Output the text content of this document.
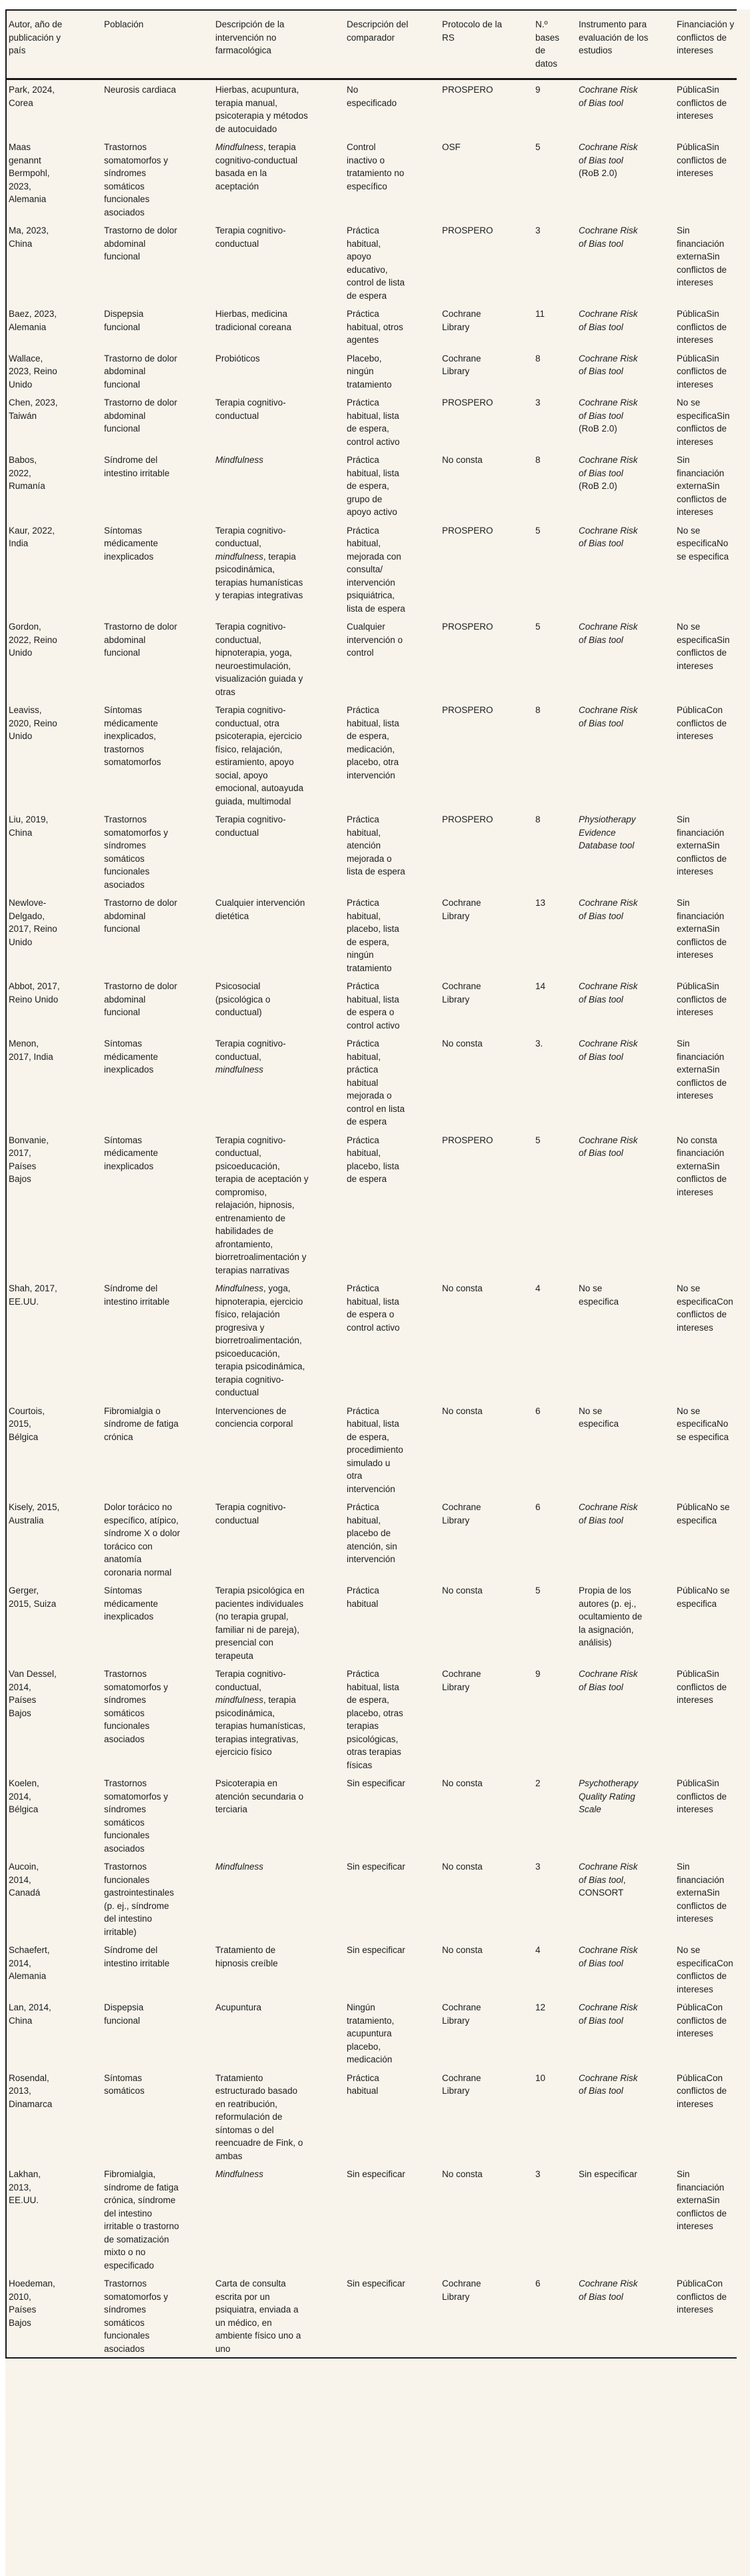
Autor, año de publicación y país	Población	Descripción de la intervención no farmacológica	Descripción del comparador	Protocolo de la RS	N.º bases de datos	Instrumento para evaluación de los estudios	Financiación y conflictos de intereses
Park, 2024, Corea	Neurosis cardiaca	Hierbas, acupuntura, terapia manual, psicoterapia y métodos de autocuidado	No especificado	PROSPERO	9	Cochrane Risk of Bias tool	PúblicaSin conflictos de intereses
Maas genannt Bermpohl, 2023, Alemania	Trastornos somatomorfos y síndromes somáticos funcionales asociados	Mindfulness, terapia cognitivo-conductual basada en la aceptación	Control inactivo o tratamiento no específico	OSF	5	Cochrane Risk of Bias tool (RoB 2.0)	PúblicaSin conflictos de intereses
Ma, 2023, China	Trastorno de dolor abdominal funcional	Terapia cognitivo-conductual	Práctica habitual, apoyo educativo, control de lista de espera	PROSPERO	3	Cochrane Risk of Bias tool	Sin financiación externaSin conflictos de intereses
Baez, 2023, Alemania	Dispepsia funcional	Hierbas, medicina tradicional coreana	Práctica habitual, otros agentes	Cochrane Library	11	Cochrane Risk of Bias tool	PúblicaSin conflictos de intereses
Wallace, 2023, Reino Unido	Trastorno de dolor abdominal funcional	Probióticos	Placebo, ningún tratamiento	Cochrane Library	8	Cochrane Risk of Bias tool	PúblicaSin conflictos de intereses
Chen, 2023, Taiwán	Trastorno de dolor abdominal funcional	Terapia cognitivo-conductual	Práctica habitual, lista de espera, control activo	PROSPERO	3	Cochrane Risk of Bias tool (RoB 2.0)	No se especificaSin conflictos de intereses
Babos, 2022, Rumanía	Síndrome del intestino irritable	Mindfulness	Práctica habitual, lista de espera, grupo de apoyo activo	No consta	8	Cochrane Risk of Bias tool (RoB 2.0)	Sin financiación externaSin conflictos de intereses
Kaur, 2022, India	Síntomas médicamente inexplicados	Terapia cognitivo-conductual, mindfulness, terapia psicodinámica, terapias humanísticas y terapias integrativas	Práctica habitual, mejorada con consulta/ intervención psiquiátrica, lista de espera	PROSPERO	5	Cochrane Risk of Bias tool	No se especificaNo se especifica
Gordon, 2022, Reino Unido	Trastorno de dolor abdominal funcional	Terapia cognitivo-conductual, hipnoterapia, yoga, neuroestimulación, visualización guiada y otras	Cualquier intervención o control	PROSPERO	5	Cochrane Risk of Bias tool	No se especificaSin conflictos de intereses
Leaviss, 2020, Reino Unido	Síntomas médicamente inexplicados, trastornos somatomorfos	Terapia cognitivo-conductual, otra psicoterapia, ejercicio físico, relajación, estiramiento, apoyo social, apoyo emocional, autoayuda guiada, multimodal	Práctica habitual, lista de espera, medicación, placebo, otra intervención	PROSPERO	8	Cochrane Risk of Bias tool	PúblicaCon conflictos de intereses
Liu, 2019, China	Trastornos somatomorfos y síndromes somáticos funcionales asociados	Terapia cognitivo-conductual	Práctica habitual, atención mejorada o lista de espera	PROSPERO	8	Physiotherapy Evidence Database tool	Sin financiación externaSin conflictos de intereses
Newlove-Delgado, 2017, Reino Unido	Trastorno de dolor abdominal funcional	Cualquier intervención dietética	Práctica habitual, placebo, lista de espera, ningún tratamiento	Cochrane Library	13	Cochrane Risk of Bias tool	Sin financiación externaSin conflictos de intereses
Abbot, 2017, Reino Unido	Trastorno de dolor abdominal funcional	Psicosocial (psicológica o conductual)	Práctica habitual, lista de espera o control activo	Cochrane Library	14	Cochrane Risk of Bias tool	PúblicaSin conflictos de intereses
Menon, 2017, India	Síntomas médicamente inexplicados	Terapia cognitivo-conductual, mindfulness	Práctica habitual, práctica habitual mejorada o control en lista de espera	No consta	3.	Cochrane Risk of Bias tool	Sin financiación externaSin conflictos de intereses
Bonvanie, 2017, Países Bajos	Síntomas médicamente inexplicados	Terapia cognitivo-conductual, psicoeducación, terapia de aceptación y compromiso, relajación, hipnosis, entrenamiento de habilidades de afrontamiento, biorretroalimentación y terapias narrativas	Práctica habitual, placebo, lista de espera	PROSPERO	5	Cochrane Risk of Bias tool	No consta financiación externaSin conflictos de intereses
Shah, 2017, EE.UU.	Síndrome del intestino irritable	Mindfulness, yoga, hipnoterapia, ejercicio físico, relajación progresiva y biorretroalimentación, psicoeducación, terapia psicodinámica, terapia cognitivo-conductual	Práctica habitual, lista de espera o control activo	No consta	4	No se especifica	No se especificaCon conflictos de intereses
Courtois, 2015, Bélgica	Fibromialgia o síndrome de fatiga crónica	Intervenciones de conciencia corporal	Práctica habitual, lista de espera, procedimiento simulado u otra intervención	No consta	6	No se especifica	No se especificaNo se especifica
Kisely, 2015, Australia	Dolor torácico no específico, atípico, síndrome X o dolor torácico con anatomía coronaria normal	Terapia cognitivo-conductual	Práctica habitual, placebo de atención, sin intervención	Cochrane Library	6	Cochrane Risk of Bias tool	PúblicaNo se especifica
Gerger, 2015, Suiza	Síntomas médicamente inexplicados	Terapia psicológica en pacientes individuales (no terapia grupal, familiar ni de pareja), presencial con terapeuta	Práctica habitual	No consta	5	Propia de los autores (p. ej., ocultamiento de la asignación, análisis)	PúblicaNo se especifica
Van Dessel, 2014, Países Bajos	Trastornos somatomorfos y síndromes somáticos funcionales asociados	Terapia cognitivo-conductual, mindfulness, terapia psicodinámica, terapias humanísticas, terapias integrativas, ejercicio físico	Práctica habitual, lista de espera, placebo, otras terapias psicológicas, otras terapias físicas	Cochrane Library	9	Cochrane Risk of Bias tool	PúblicaSin conflictos de intereses
Koelen, 2014, Bélgica	Trastornos somatomorfos y síndromes somáticos funcionales asociados	Psicoterapia en atención secundaria o terciaria	Sin especificar	No consta	2	Psychotherapy Quality Rating Scale	PúblicaSin conflictos de intereses
Aucoin, 2014, Canadá	Trastornos funcionales gastrointestinales (p. ej., síndrome del intestino irritable)	Mindfulness	Sin especificar	No consta	3	Cochrane Risk of Bias tool, CONSORT	Sin financiación externaSin conflictos de intereses
Schaefert, 2014, Alemania	Síndrome del intestino irritable	Tratamiento de hipnosis creíble	Sin especificar	No consta	4	Cochrane Risk of Bias tool	No se especificaCon conflictos de intereses
Lan, 2014, China	Dispepsia funcional	Acupuntura	Ningún tratamiento, acupuntura placebo, medicación	Cochrane Library	12	Cochrane Risk of Bias tool	PúblicaCon conflictos de intereses
Rosendal, 2013, Dinamarca	Síntomas somáticos	Tratamiento estructurado basado en reatribución, reformulación de síntomas o del reencuadre de Fink, o ambas	Práctica habitual	Cochrane Library	10	Cochrane Risk of Bias tool	PúblicaCon conflictos de intereses
Lakhan, 2013, EE.UU.	Fibromialgia, síndrome de fatiga crónica, síndrome del intestino irritable o trastorno de somatización mixto o no especificado	Mindfulness	Sin especificar	No consta	3	Sin especificar	Sin financiación externaSin conflictos de intereses
Hoedeman, 2010, Países Bajos	Trastornos somatomorfos y síndromes somáticos funcionales asociados	Carta de consulta escrita por un psiquiatra, enviada a un médico, en ambiente físico uno a uno	Sin especificar	Cochrane Library	6	Cochrane Risk of Bias tool	PúblicaCon conflictos de intereses
